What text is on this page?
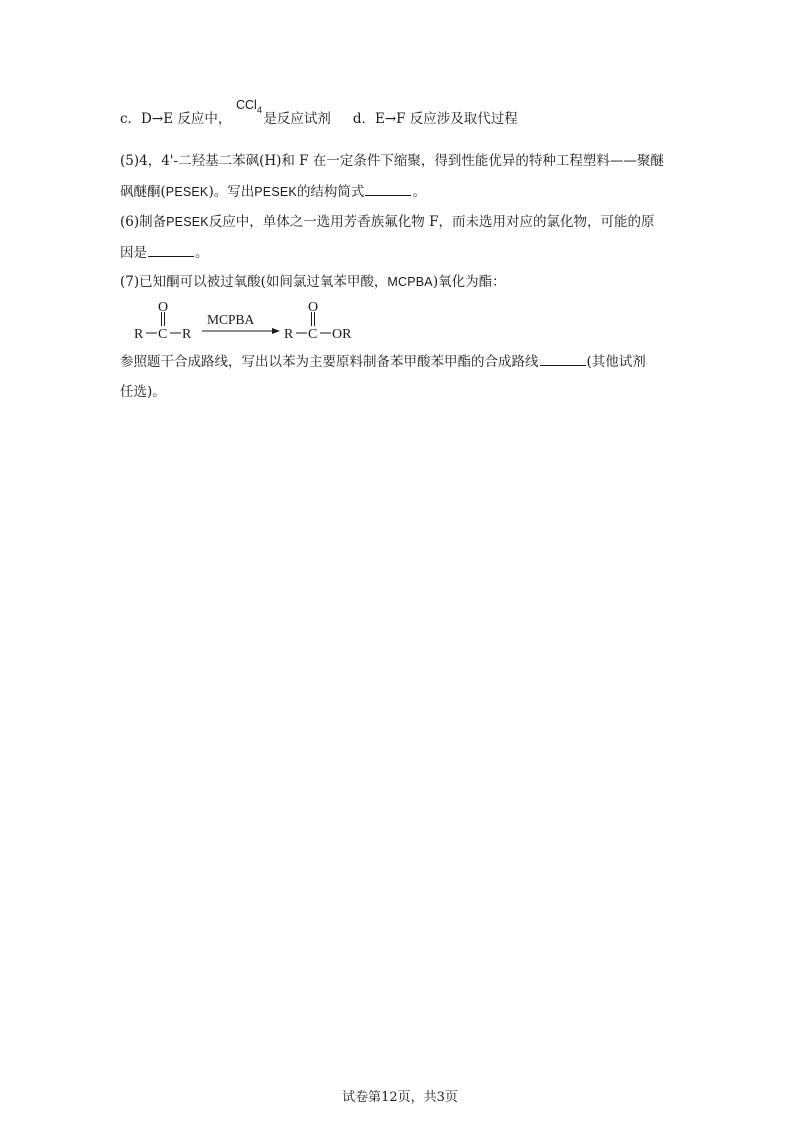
CCl$_4$
c．D→E 反应中， 是反应试剂 d．E→F 反应涉及取代过程
(5)4，4'-二羟基二苯砜(H)和 F 在一定条件下缩聚，得到性能优异的特种工程塑料——聚醚
砜醚酮(PESEK)。写出PESEK的结构简式	。
(6)制备PESEK反应中，单体之一选用芳香族氟化物 F，而未选用对应的氯化物，可能的原
因是	。
(7)已知酮可以被过氧酸(如间氯过氧苯甲酸，MCPBA)氧化为酯：
R C
O
R
MCPBA
R C
O
OR
参照题干合成路线，写出以苯为主要原料制备苯甲酸苯甲酯的合成路线	(其他试剂
任选)。
试卷第12页，共3页
